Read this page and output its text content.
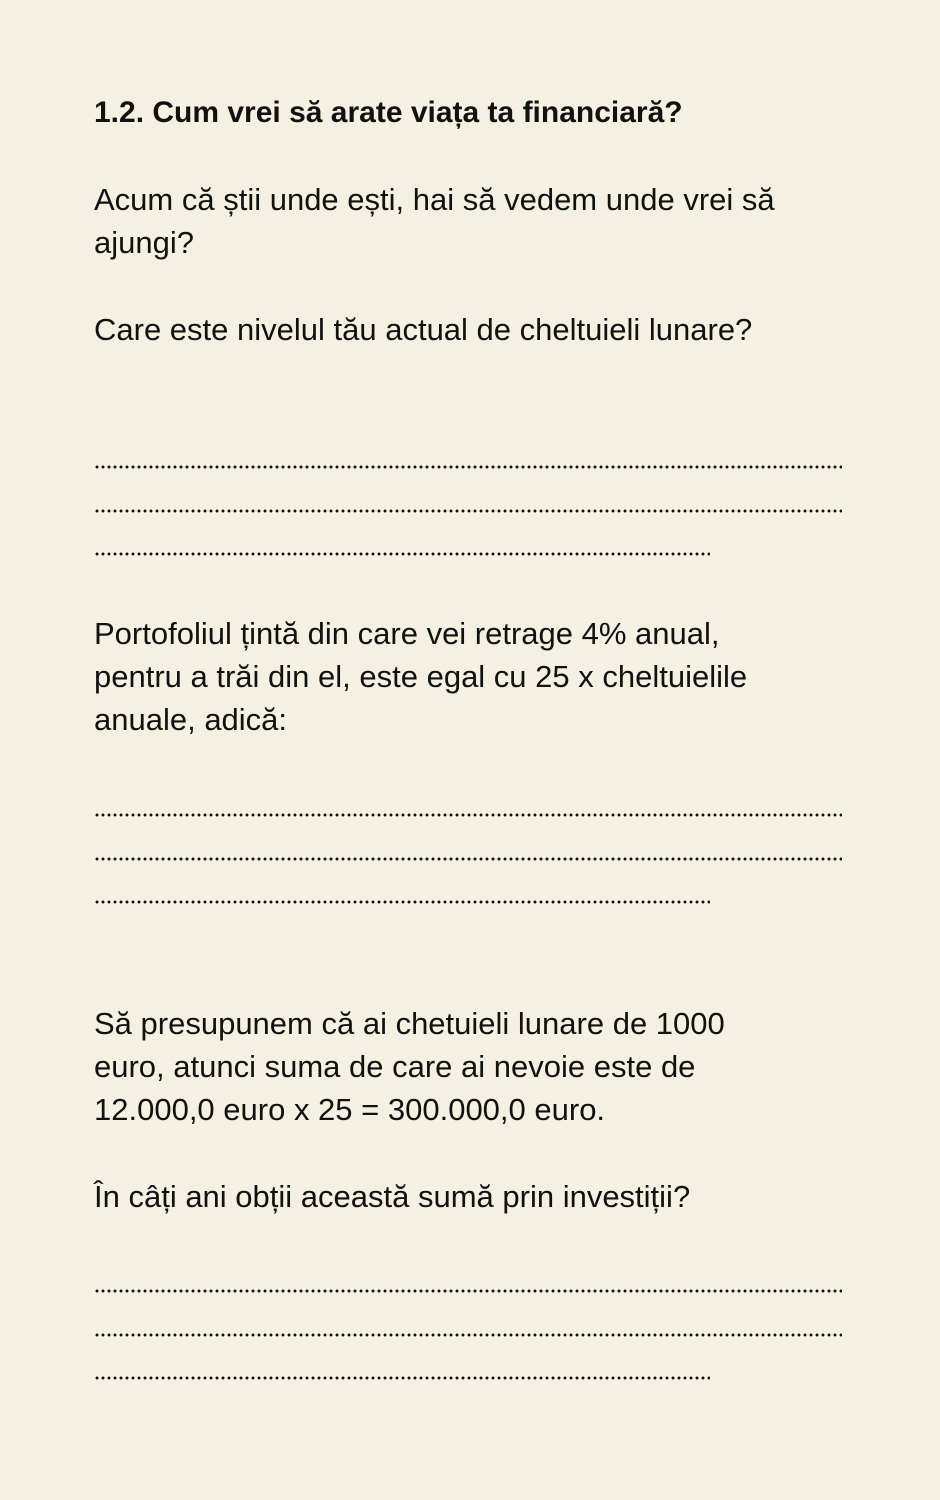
1.2. Cum vrei să arate viața ta financiară?
Acum că știi unde ești, hai să vedem unde vrei să
ajungi?
Care este nivelul tău actual de cheltuieli lunare?
Portofoliul țintă din care vei retrage 4% anual,
pentru a trăi din el, este egal cu 25 x cheltuielile
anuale, adică:
Să presupunem că ai chetuieli lunare de 1000
euro, atunci suma de care ai nevoie este de
12.000,0 euro x 25 = 300.000,0 euro.
În câți ani obții această sumă prin investiții?
